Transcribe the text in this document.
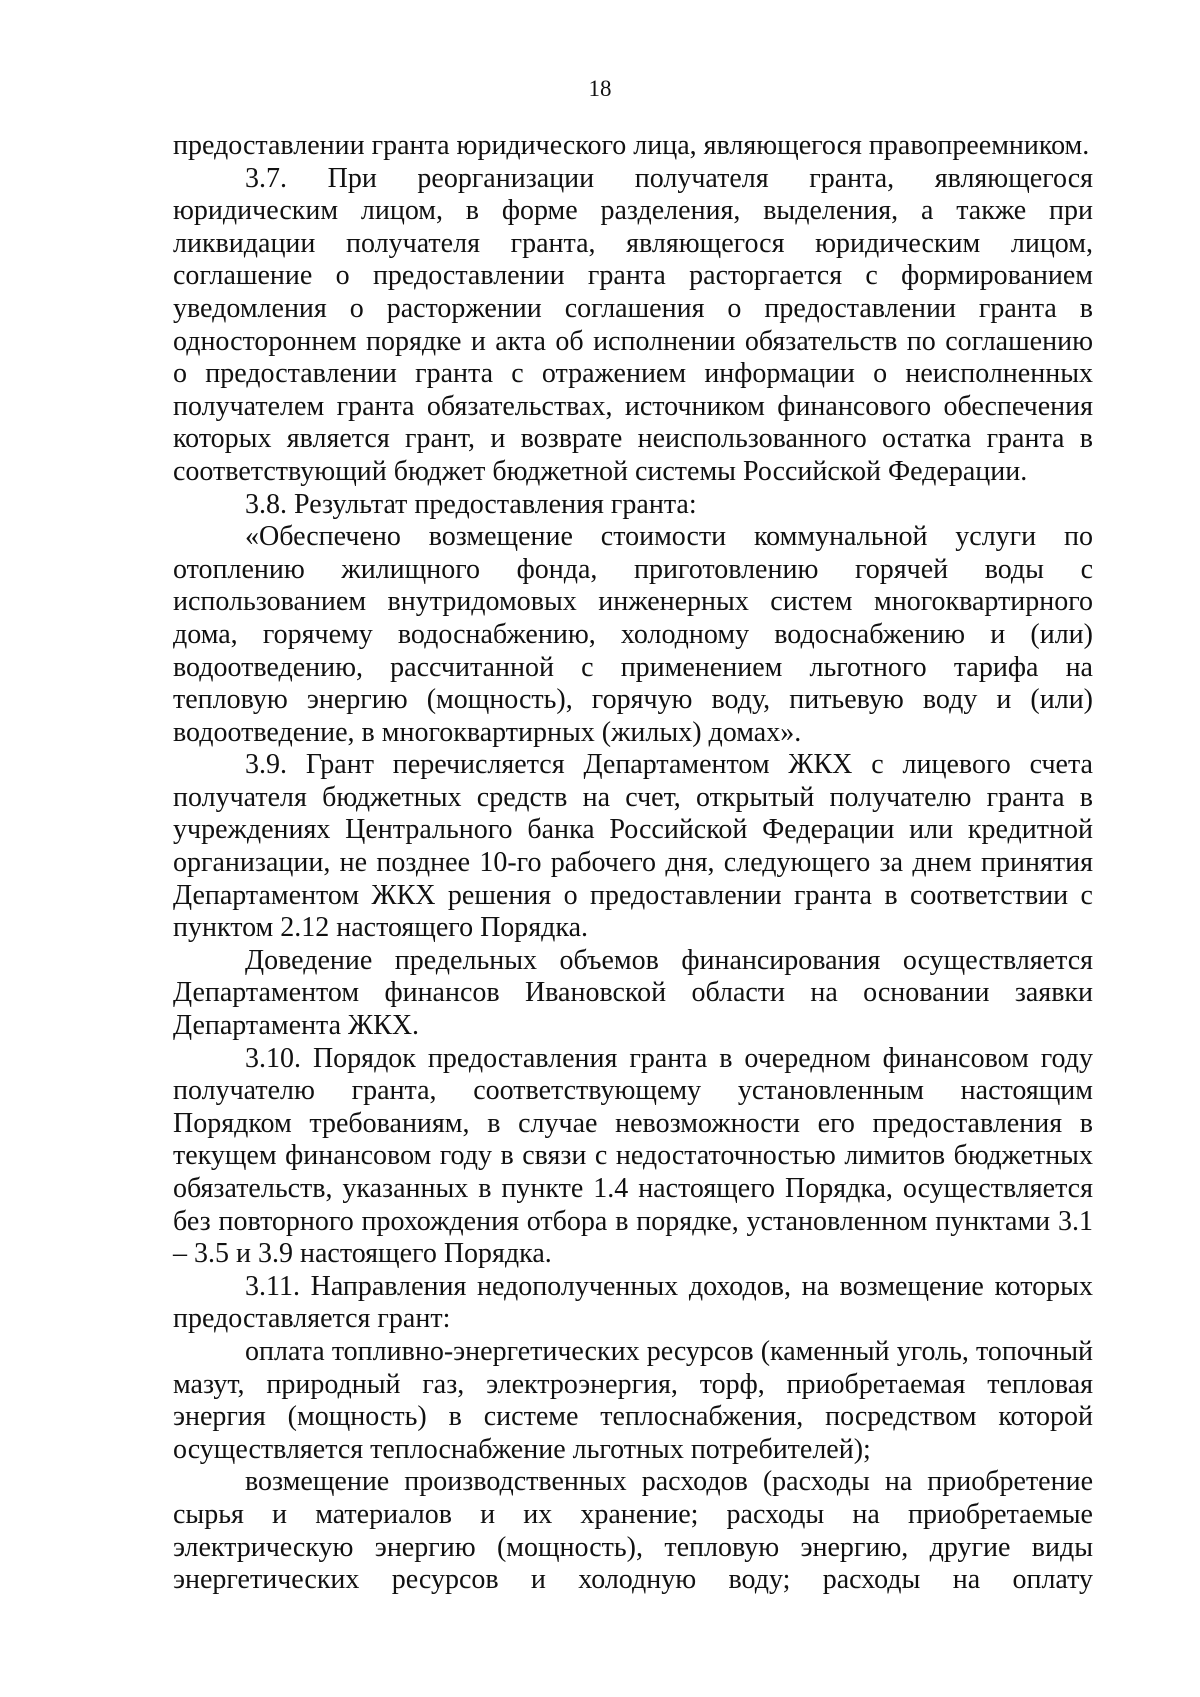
18

предоставлении гранта юридического лица, являющегося правопреемником.

3.7. При реорганизации получателя гранта, являющегося юридическим лицом, в форме разделения, выделения, а также при ликвидации получателя гранта, являющегося юридическим лицом, соглашение о предоставлении гранта расторгается с формированием уведомления о расторжении соглашения о предоставлении гранта в одностороннем порядке и акта об исполнении обязательств по соглашению о предоставлении гранта с отражением информации о неисполненных получателем гранта обязательствах, источником финансового обеспечения которых является грант, и возврате неиспользованного остатка гранта в соответствующий бюджет бюджетной системы Российской Федерации.

3.8. Результат предоставления гранта:

«Обеспечено возмещение стоимости коммунальной услуги по отоплению жилищного фонда, приготовлению горячей воды с использованием внутридомовых инженерных систем многоквартирного дома, горячему водоснабжению, холодному водоснабжению и (или) водоотведению, рассчитанной с применением льготного тарифа на тепловую энергию (мощность), горячую воду, питьевую воду и (или) водоотведение, в многоквартирных (жилых) домах».

3.9. Грант перечисляется Департаментом ЖКХ с лицевого счета получателя бюджетных средств на счет, открытый получателю гранта в учреждениях Центрального банка Российской Федерации или кредитной организации, не позднее 10-го рабочего дня, следующего за днем принятия Департаментом ЖКХ решения о предоставлении гранта в соответствии с пунктом 2.12 настоящего Порядка.

Доведение предельных объемов финансирования осуществляется Департаментом финансов Ивановской области на основании заявки Департамента ЖКХ.

3.10. Порядок предоставления гранта в очередном финансовом году получателю гранта, соответствующему установленным настоящим Порядком требованиям, в случае невозможности его предоставления в текущем финансовом году в связи с недостаточностью лимитов бюджетных обязательств, указанных в пункте 1.4 настоящего Порядка, осуществляется без повторного прохождения отбора в порядке, установленном пунктами 3.1 – 3.5 и 3.9 настоящего Порядка.

3.11. Направления недополученных доходов, на возмещение которых предоставляется грант:

оплата топливно-энергетических ресурсов (каменный уголь, топочный мазут, природный газ, электроэнергия, торф, приобретаемая тепловая энергия (мощность) в системе теплоснабжения, посредством которой осуществляется теплоснабжение льготных потребителей);

возмещение производственных расходов (расходы на приобретение сырья и материалов и их хранение; расходы на приобретаемые электрическую энергию (мощность), тепловую энергию, другие виды энергетических ресурсов и холодную воду; расходы на оплату
